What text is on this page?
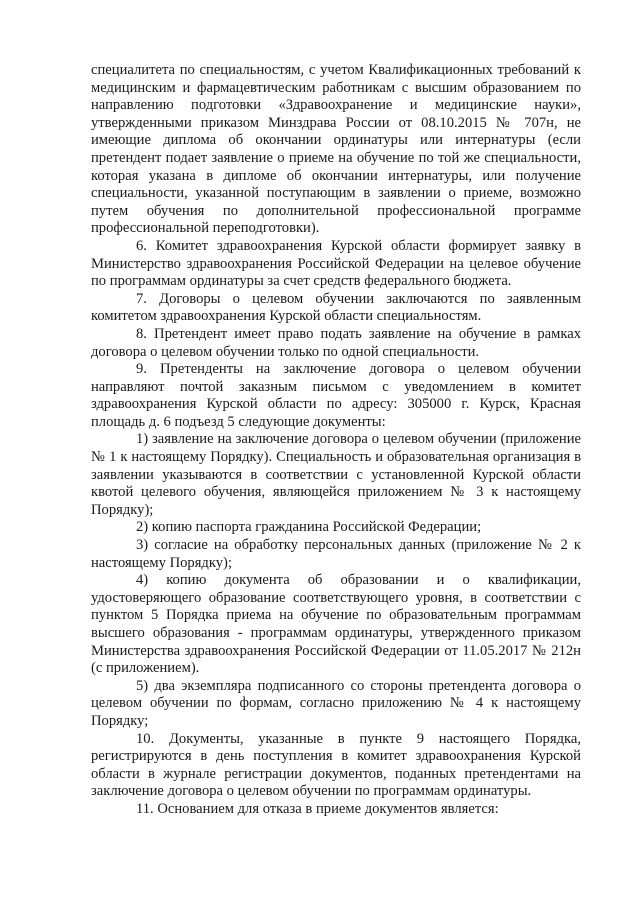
специалитета по специальностям, с учетом Квалификационных требований к медицинским и фармацевтическим работникам с высшим образованием по направлению подготовки «Здравоохранение и медицинские науки», утвержденными приказом Минздрава России от 08.10.2015 № 707н, не имеющие диплома об окончании ординатуры или интернатуры (если претендент подает заявление о приеме на обучение по той же специальности, которая указана в дипломе об окончании интернатуры, или получение специальности, указанной поступающим в заявлении о приеме, возможно путем обучения по дополнительной профессиональной программе профессиональной переподготовки).

6. Комитет здравоохранения Курской области формирует заявку в Министерство здравоохранения Российской Федерации на целевое обучение по программам ординатуры за счет средств федерального бюджета.

7. Договоры о целевом обучении заключаются по заявленным комитетом здравоохранения Курской области специальностям.

8. Претендент имеет право подать заявление на обучение в рамках договора о целевом обучении только по одной специальности.

9. Претенденты на заключение договора о целевом обучении направляют почтой заказным письмом с уведомлением в комитет здравоохранения Курской области по адресу: 305000 г. Курск, Красная площадь д. 6 подъезд 5 следующие документы:

1) заявление на заключение договора о целевом обучении (приложение № 1 к настоящему Порядку). Специальность и образовательная организация в заявлении указываются в соответствии с установленной Курской области квотой целевого обучения, являющейся приложением № 3 к настоящему Порядку);

2) копию паспорта гражданина Российской Федерации;

3) согласие на обработку персональных данных (приложение № 2 к настоящему Порядку);

4) копию документа об образовании и о квалификации, удостоверяющего образование соответствующего уровня, в соответствии с пунктом 5 Порядка приема на обучение по образовательным программам высшего образования - программам ординатуры, утвержденного приказом Министерства здравоохранения Российской Федерации от 11.05.2017 № 212н (с приложением).

5) два экземпляра подписанного со стороны претендента договора о целевом обучении по формам, согласно приложению № 4 к настоящему Порядку;

10. Документы, указанные в пункте 9 настоящего Порядка, регистрируются в день поступления в комитет здравоохранения Курской области в журнале регистрации документов, поданных претендентами на заключение договора о целевом обучении по программам ординатуры.

11. Основанием для отказа в приеме документов является:
